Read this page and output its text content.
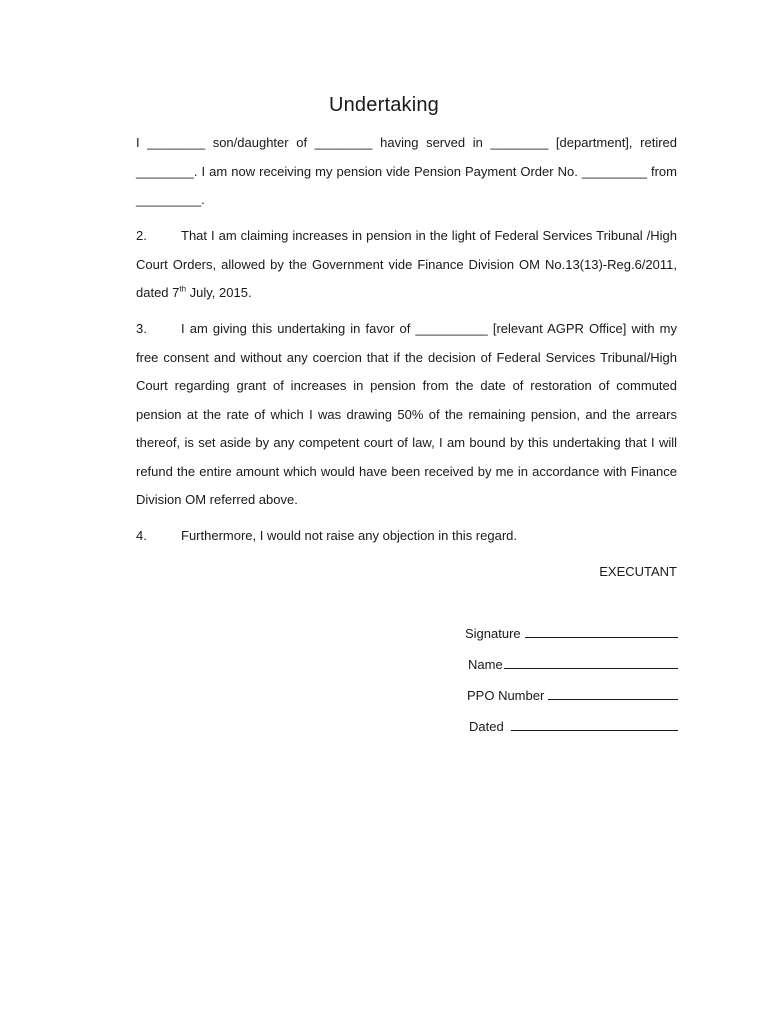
Undertaking
I ________ son/daughter of ________ having served in ________ [department], retired ________. I am now receiving my pension vide Pension Payment Order No. _________ from _________.
2.	That I am claiming increases in pension in the light of Federal Services Tribunal /High Court Orders, allowed by the Government vide Finance Division OM No.13(13)-Reg.6/2011, dated 7th July, 2015.
3.	I am giving this undertaking in favor of __________ [relevant AGPR Office] with my free consent and without any coercion that if the decision of Federal Services Tribunal/High Court regarding grant of increases in pension from the date of restoration of commuted pension at the rate of which I was drawing 50% of the remaining pension, and the arrears thereof, is set aside by any competent court of law, I am bound by this undertaking that I will refund the entire amount which would have been received by me in accordance with Finance Division OM referred above.
4.	Furthermore, I would not raise any objection in this regard.
EXECUTANT
Signature
Name
PPO Number
Dated
